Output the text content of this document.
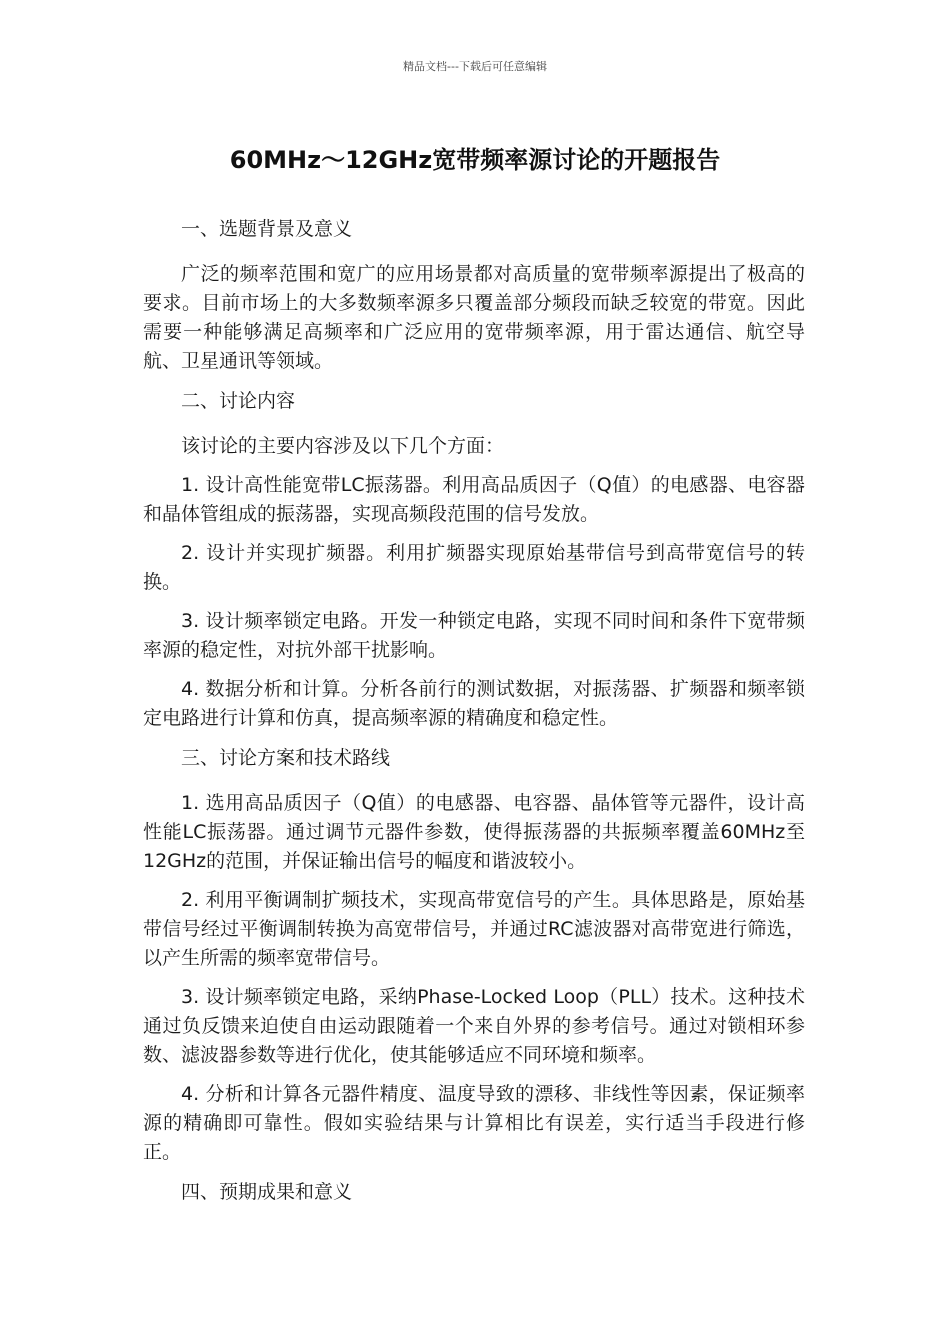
精品文档---下载后可任意编辑
60MHz～12GHz宽带频率源讨论的开题报告

一、选题背景及意义

广泛的频率范围和宽广的应用场景都对高质量的宽带频率源提出了极高的要求。目前市场上的大多数频率源多只覆盖部分频段而缺乏较宽的带宽。因此需要一种能够满足高频率和广泛应用的宽带频率源，用于雷达通信、航空导航、卫星通讯等领域。

二、讨论内容

该讨论的主要内容涉及以下几个方面：

1. 设计高性能宽带LC振荡器。利用高品质因子（Q值）的电感器、电容器和晶体管组成的振荡器，实现高频段范围的信号发放。

2. 设计并实现扩频器。利用扩频器实现原始基带信号到高带宽信号的转换。

3. 设计频率锁定电路。开发一种锁定电路，实现不同时间和条件下宽带频率源的稳定性，对抗外部干扰影响。

4. 数据分析和计算。分析各前行的测试数据，对振荡器、扩频器和频率锁定电路进行计算和仿真，提高频率源的精确度和稳定性。

三、讨论方案和技术路线

1. 选用高品质因子（Q值）的电感器、电容器、晶体管等元器件，设计高性能LC振荡器。通过调节元器件参数，使得振荡器的共振频率覆盖60MHz至12GHz的范围，并保证输出信号的幅度和谐波较小。

2. 利用平衡调制扩频技术，实现高带宽信号的产生。具体思路是，原始基带信号经过平衡调制转换为高宽带信号，并通过RC滤波器对高带宽进行筛选，以产生所需的频率宽带信号。

3. 设计频率锁定电路，采纳Phase-Locked Loop（PLL）技术。这种技术通过负反馈来迫使自由运动跟随着一个来自外界的参考信号。通过对锁相环参数、滤波器参数等进行优化，使其能够适应不同环境和频率。

4. 分析和计算各元器件精度、温度导致的漂移、非线性等因素，保证频率源的精确即可靠性。假如实验结果与计算相比有误差，实行适当手段进行修正。

四、预期成果和意义
